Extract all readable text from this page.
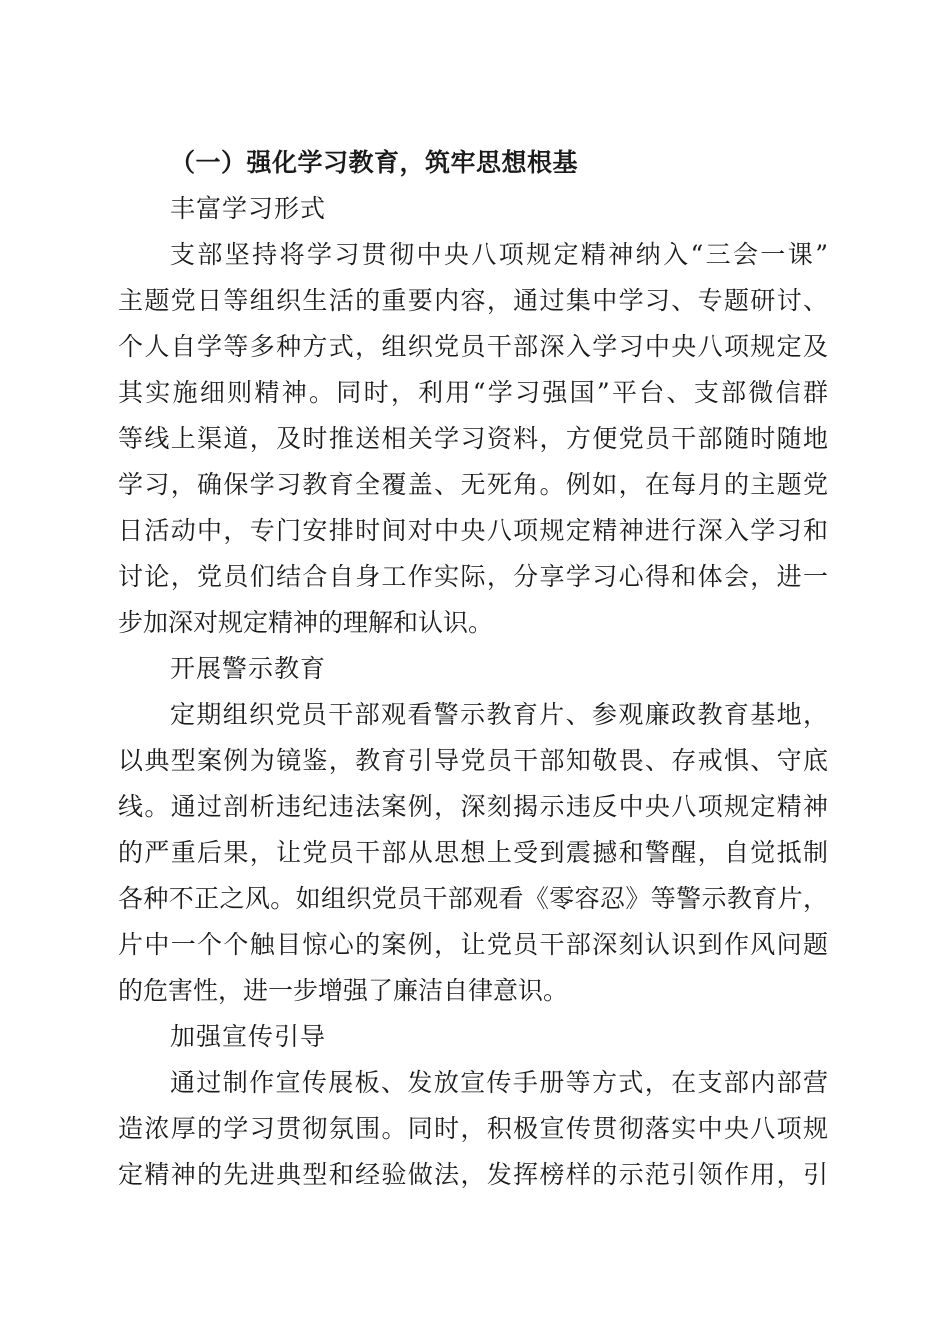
（一）强化学习教育，筑牢思想根基
丰富学习形式
支部坚持将学习贯彻中央八项规定精神纳入“三会一课”
主题党日等组织生活的重要内容，通过集中学习、专题研讨、
个人自学等多种方式，组织党员干部深入学习中央八项规定及
其实施细则精神。同时，利用“学习强国”平台、支部微信群
等线上渠道，及时推送相关学习资料，方便党员干部随时随地
学习，确保学习教育全覆盖、无死角。例如，在每月的主题党
日活动中，专门安排时间对中央八项规定精神进行深入学习和
讨论，党员们结合自身工作实际，分享学习心得和体会，进一
步加深对规定精神的理解和认识。
开展警示教育
定期组织党员干部观看警示教育片、参观廉政教育基地，
以典型案例为镜鉴，教育引导党员干部知敬畏、存戒惧、守底
线。通过剖析违纪违法案例，深刻揭示违反中央八项规定精神
的严重后果，让党员干部从思想上受到震撼和警醒，自觉抵制
各种不正之风。如组织党员干部观看《零容忍》等警示教育片，
片中一个个触目惊心的案例，让党员干部深刻认识到作风问题
的危害性，进一步增强了廉洁自律意识。
加强宣传引导
通过制作宣传展板、发放宣传手册等方式，在支部内部营
造浓厚的学习贯彻氛围。同时，积极宣传贯彻落实中央八项规
定精神的先进典型和经验做法，发挥榜样的示范引领作用，引
